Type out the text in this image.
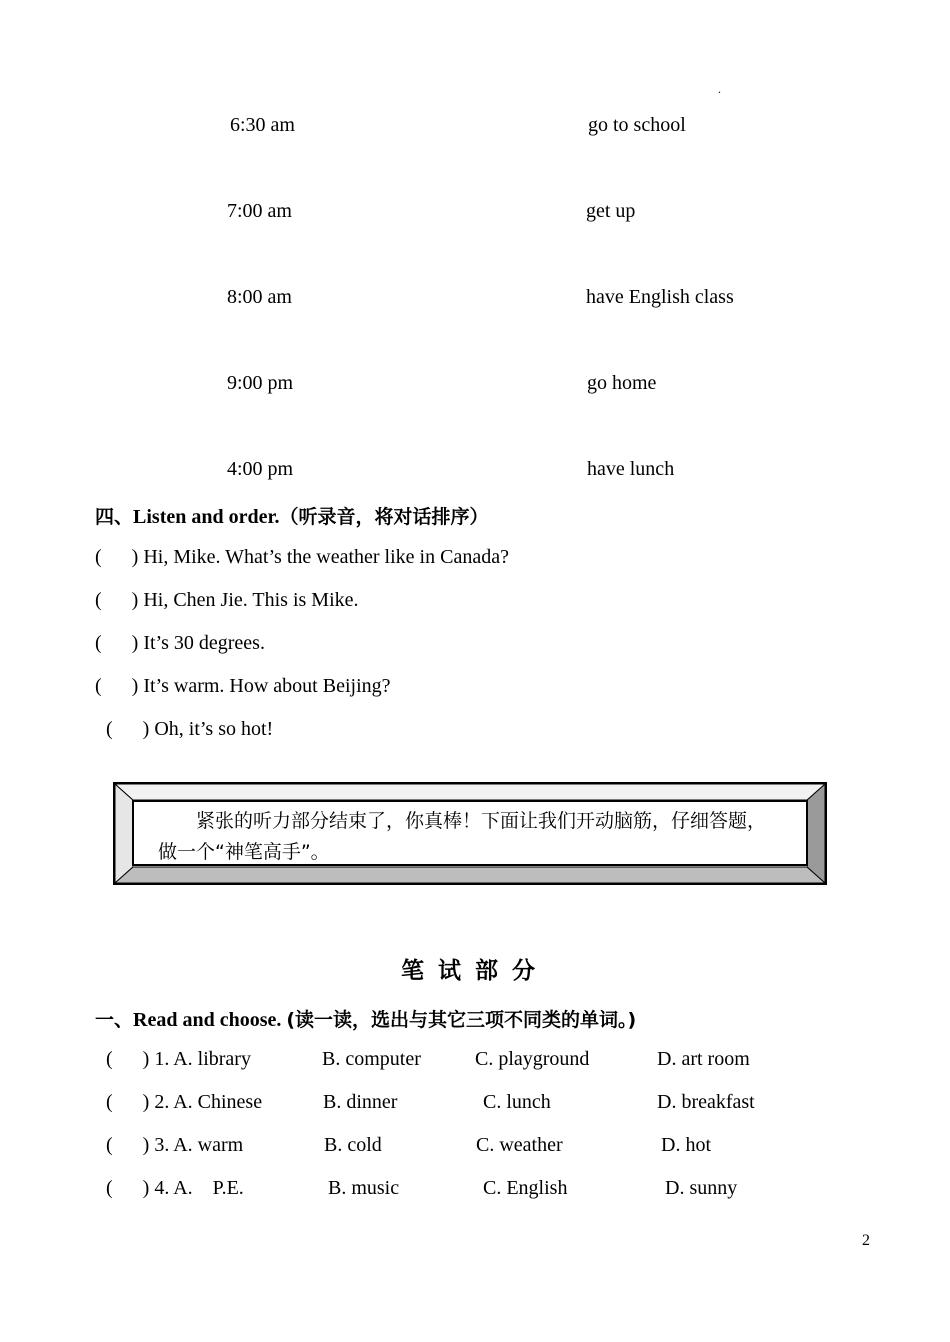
.
6:30 am	go to school
7:00 am	get up
8:00 am	have English class
9:00 pm	go home
4:00 pm	have lunch
四、Listen and order.（听录音，将对话排序）
(      ) Hi, Mike. What’s the weather like in Canada?
(      ) Hi, Chen Jie. This is Mike.
(      ) It’s 30 degrees.
(      ) It’s warm. How about Beijing?
(      ) Oh, it’s so hot!
紧张的听力部分结束了，你真棒！下面让我们开动脑筋，仔细答题，做一个“神笔高手”。
笔试部分
一、Read and choose. (读一读，选出与其它三项不同类的单词。)
(      ) 1. A. library	B. computer	C. playground	D. art room
(      ) 2. A. Chinese	B. dinner	C. lunch	D. breakfast
(      ) 3. A. warm	B. cold	C. weather	D. hot
(      ) 4. A.    P.E.	B. music	C. English	D. sunny
2
